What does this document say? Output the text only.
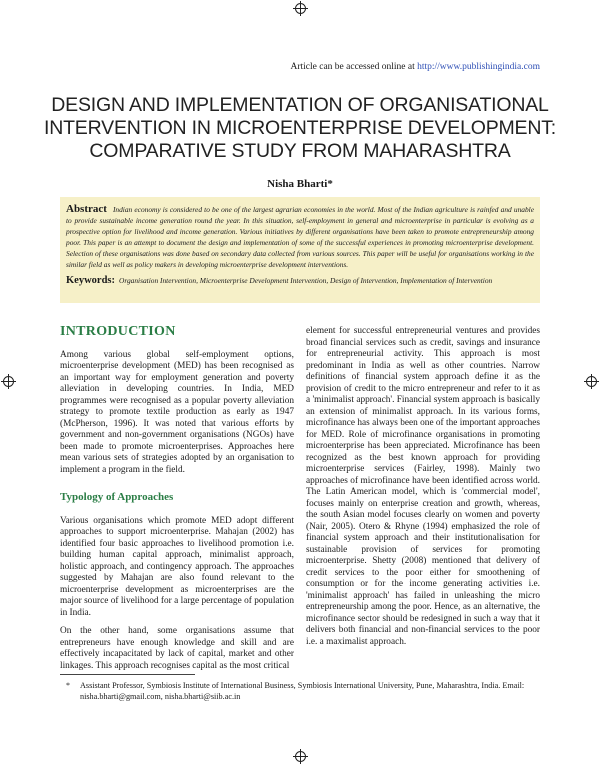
Article can be accessed online at http://www.publishingindia.com
DESIGN AND IMPLEMENTATION OF ORGANISATIONAL
INTERVENTION IN MICROENTERPRISE DEVELOPMENT:
COMPARATIVE STUDY FROM MAHARASHTRA
Nisha Bharti*
Abstract Indian economy is considered to be one of the largest agrarian economies in the world. Most of the Indian agriculture is rainfed and unable to provide sustainable income generation round the year. In this situation, self-employment in general and microenterprise in particular is evolving as a prospective option for livelihood and income generation. Various initiatives by different organisations have been taken to promote entrepreneurship among poor. This paper is an attempt to document the design and implementation of some of the successful experiences in promoting microenterprise development. Selection of these organisations was done based on secondary data collected from various sources. This paper will be useful for organisations working in the similar field as well as policy makers in developing microenterprise development interventions.
Keywords: Organisation Intervention, Microenterprise Development Intervention, Design of Intervention, Implementation of Intervention
INTRODUCTION

Among various global self-employment options, microenterprise development (MED) has been recognised as an important way for employment generation and poverty alleviation in developing countries. In India, MED programmes were recognised as a popular poverty alleviation strategy to promote textile production as early as 1947 (McPherson, 1996). It was noted that various efforts by government and non-government organisations (NGOs) have been made to promote microenterprises. Approaches here mean various sets of strategies adopted by an organisation to implement a program in the field.

Typology of Approaches

Various organisations which promote MED adopt different approaches to support microenterprise. Mahajan (2002) has identified four basic approaches to livelihood promotion i.e. building human capital approach, minimalist approach, holistic approach, and contingency approach. The approaches suggested by Mahajan are also found relevant to the microenterprise development as microenterprises are the major source of livelihood for a large percentage of population in India.

On the other hand, some organisations assume that entrepreneurs have enough knowledge and skill and are effectively incapacitated by lack of capital, market and other linkages. This approach recognises capital as the most critical

element for successful entrepreneurial ventures and provides broad financial services such as credit, savings and insurance for entrepreneurial activity. This approach is most predominant in India as well as other countries. Narrow definitions of financial system approach define it as the provision of credit to the micro entrepreneur and refer to it as a 'minimalist approach'. Financial system approach is basically an extension of minimalist approach. In its various forms, microfinance has always been one of the important approaches for MED. Role of microfinance organisations in promoting microenterprise has been appreciated. Microfinance has been recognized as the best known approach for providing microenterprise services (Fairley, 1998). Mainly two approaches of microfinance have been identified across world. The Latin American model, which is 'commercial model', focuses mainly on enterprise creation and growth, whereas, the south Asian model focuses clearly on women and poverty (Nair, 2005). Otero & Rhyne (1994) emphasized the role of financial system approach and their institutionalisation for sustainable provision of services for promoting microenterprise. Shetty (2008) mentioned that delivery of credit services to the poor either for smoothening of consumption or for the income generating activities i.e. 'minimalist approach' has failed in unleashing the micro entrepreneurship among the poor. Hence, as an alternative, the microfinance sector should be redesigned in such a way that it delivers both financial and non-financial services to the poor i.e. a maximalist approach.

*	Assistant Professor, Symbiosis Institute of International Business, Symbiosis International University, Pune, Maharashtra, India. Email: nisha.bharti@gmail.com, nisha.bharti@siib.ac.in
